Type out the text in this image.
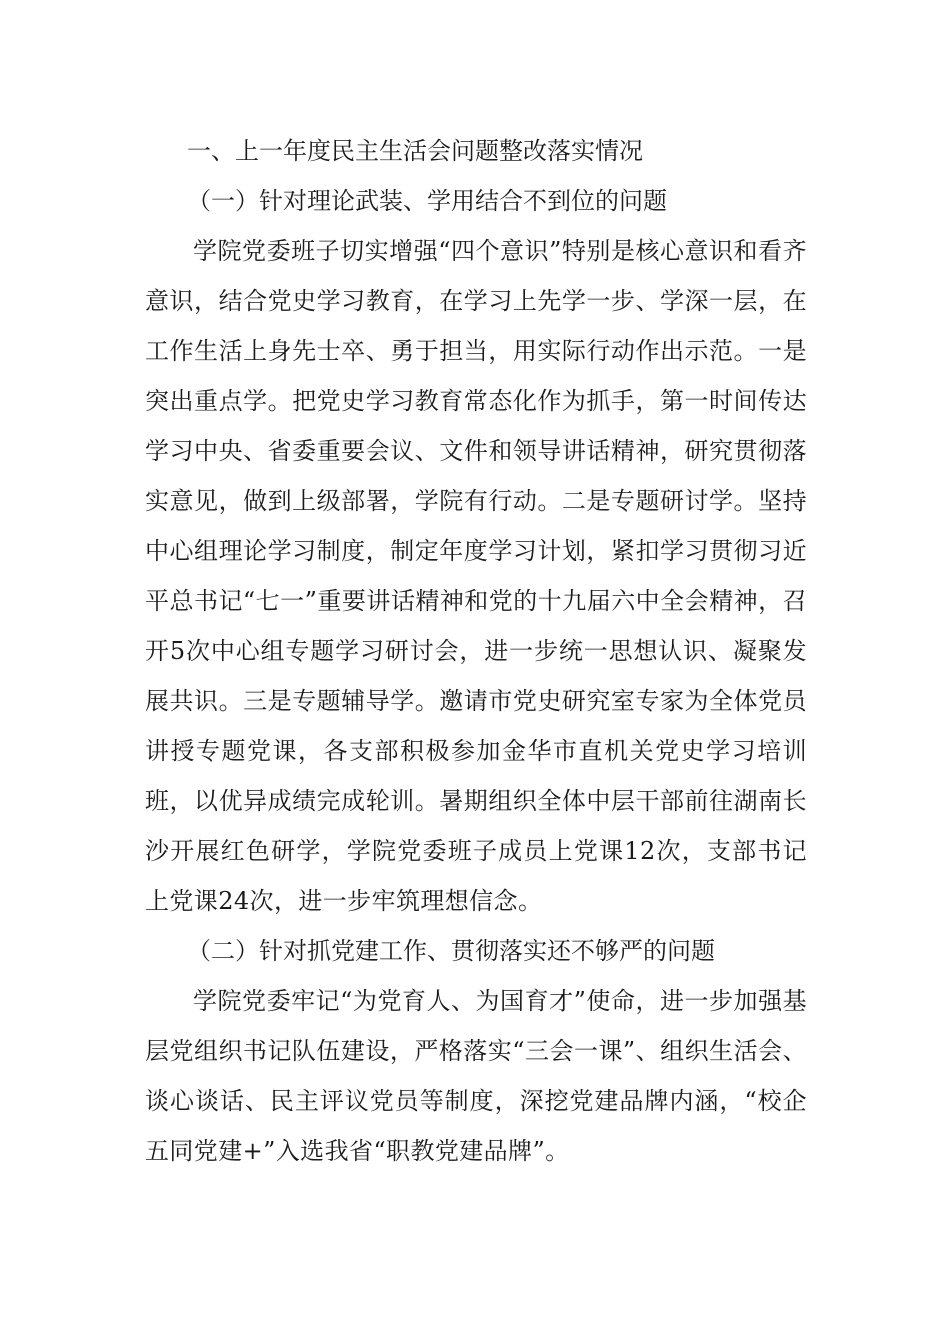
一、上一年度民主生活会问题整改落实情况

（一）针对理论武装、学用结合不到位的问题

学院党委班子切实增强“四个意识”特别是核心意识和看齐意识，结合党史学习教育，在学习上先学一步、学深一层，在工作生活上身先士卒、勇于担当，用实际行动作出示范。一是突出重点学。把党史学习教育常态化作为抓手，第一时间传达学习中央、省委重要会议、文件和领导讲话精神，研究贯彻落实意见，做到上级部署，学院有行动。二是专题研讨学。坚持中心组理论学习制度，制定年度学习计划，紧扣学习贯彻习近平总书记“七一”重要讲话精神和党的十九届六中全会精神，召开5次中心组专题学习研讨会，进一步统一思想认识、凝聚发展共识。三是专题辅导学。邀请市党史研究室专家为全体党员讲授专题党课，各支部积极参加金华市直机关党史学习培训班，以优异成绩完成轮训。暑期组织全体中层干部前往湖南长沙开展红色研学，学院党委班子成员上党课12次，支部书记上党课24次，进一步牢筑理想信念。

（二）针对抓党建工作、贯彻落实还不够严的问题

学院党委牢记“为党育人、为国育才”使命，进一步加强基层党组织书记队伍建设，严格落实“三会一课”、组织生活会、谈心谈话、民主评议党员等制度，深挖党建品牌内涵，“校企五同党建+”入选我省“职教党建品牌”。
